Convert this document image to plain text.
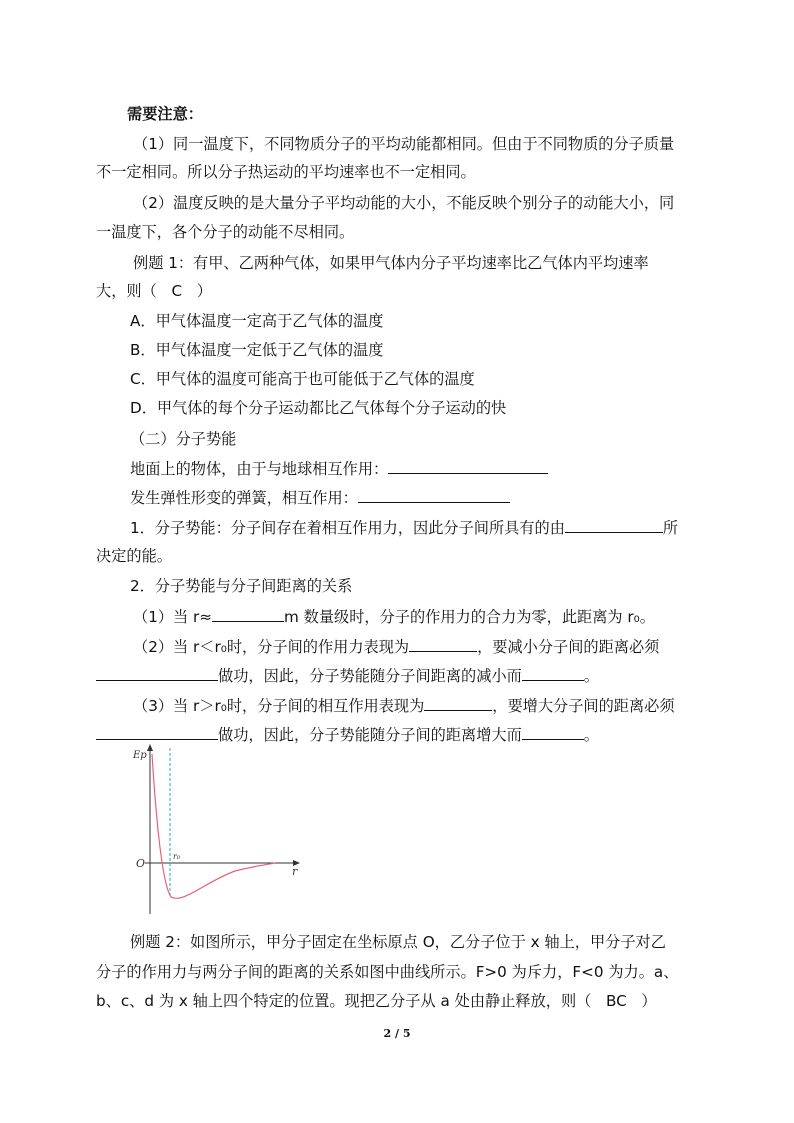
需要注意：
（1）同一温度下，不同物质分子的平均动能都相同。但由于不同物质的分子质量
不一定相同。所以分子热运动的平均速率也不一定相同。
（2）温度反映的是大量分子平均动能的大小，不能反映个别分子的动能大小，同
一温度下，各个分子的动能不尽相同。
例题 1：有甲、乙两种气体，如果甲气体内分子平均速率比乙气体内平均速率
大，则（ C ）
A．甲气体温度一定高于乙气体的温度
B．甲气体温度一定低于乙气体的温度
C．甲气体的温度可能高于也可能低于乙气体的温度
D．甲气体的每个分子运动都比乙气体每个分子运动的快
（二）分子势能
地面上的物体，由于与地球相互作用：
发生弹性形变的弹簧，相互作用：
1．分子势能：分子间存在着相互作用力，因此分子间所具有的由	所
决定的能。
2．分子势能与分子间距离的关系
（1）当 r≈	m 数量级时，分子的作用力的合力为零，此距离为 r₀。
（2）当 r＜r₀时，分子间的作用力表现为	，要减小分子间的距离必须
做功，因此，分子势能随分子间距离的减小而	。
（3）当 r＞r₀时，分子间的相互作用表现为	，要增大分子间的距离必须
做功，因此，分子势能随分子间的距离增大而	。
Ep
O
r₀
r
例题 2：如图所示，甲分子固定在坐标原点 O，乙分子位于 x 轴上，甲分子对乙
分子的作用力与两分子间的距离的关系如图中曲线所示。F>0 为斥力，F<0 为力。a、
b、c、d 为 x 轴上四个特定的位置。现把乙分子从 a 处由静止释放，则（ BC ）
2 / 5
